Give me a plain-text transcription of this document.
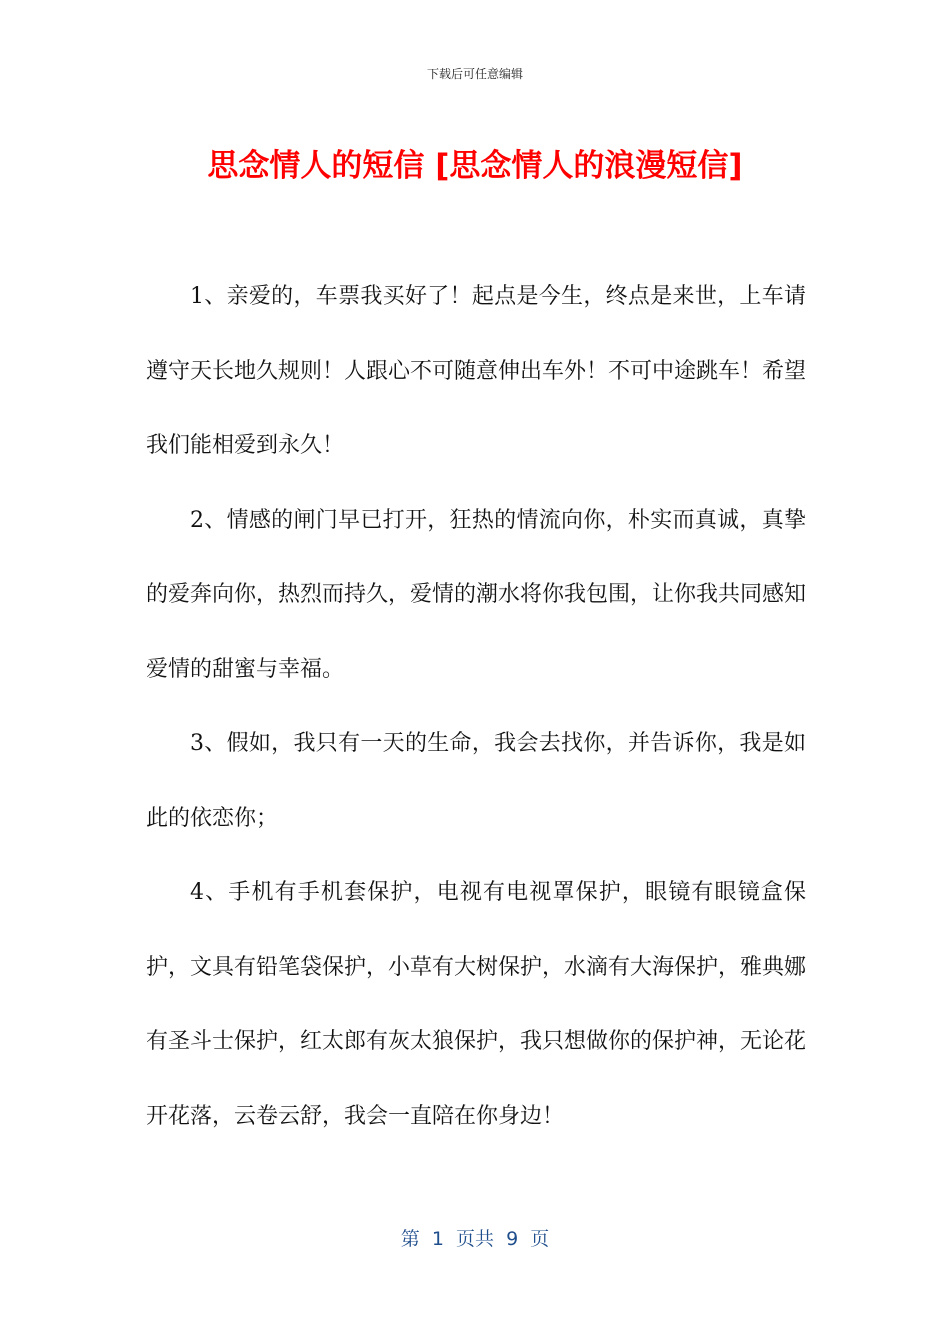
下载后可任意编辑
思念情人的短信 [思念情人的浪漫短信]

1、亲爱的，车票我买好了！起点是今生，终点是来世，上车请遵守天长地久规则！人跟心不可随意伸出车外！不可中途跳车！希望我们能相爱到永久！

2、情感的闸门早已打开，狂热的情流向你，朴实而真诚，真挚的爱奔向你，热烈而持久，爱情的潮水将你我包围，让你我共同感知爱情的甜蜜与幸福。

3、假如，我只有一天的生命，我会去找你，并告诉你，我是如此的依恋你；

4、手机有手机套保护，电视有电视罩保护，眼镜有眼镜盒保护，文具有铅笔袋保护，小草有大树保护，水滴有大海保护，雅典娜有圣斗士保护，红太郎有灰太狼保护，我只想做你的保护神，无论花开花落，云卷云舒，我会一直陪在你身边！

第  1  页共  9  页
